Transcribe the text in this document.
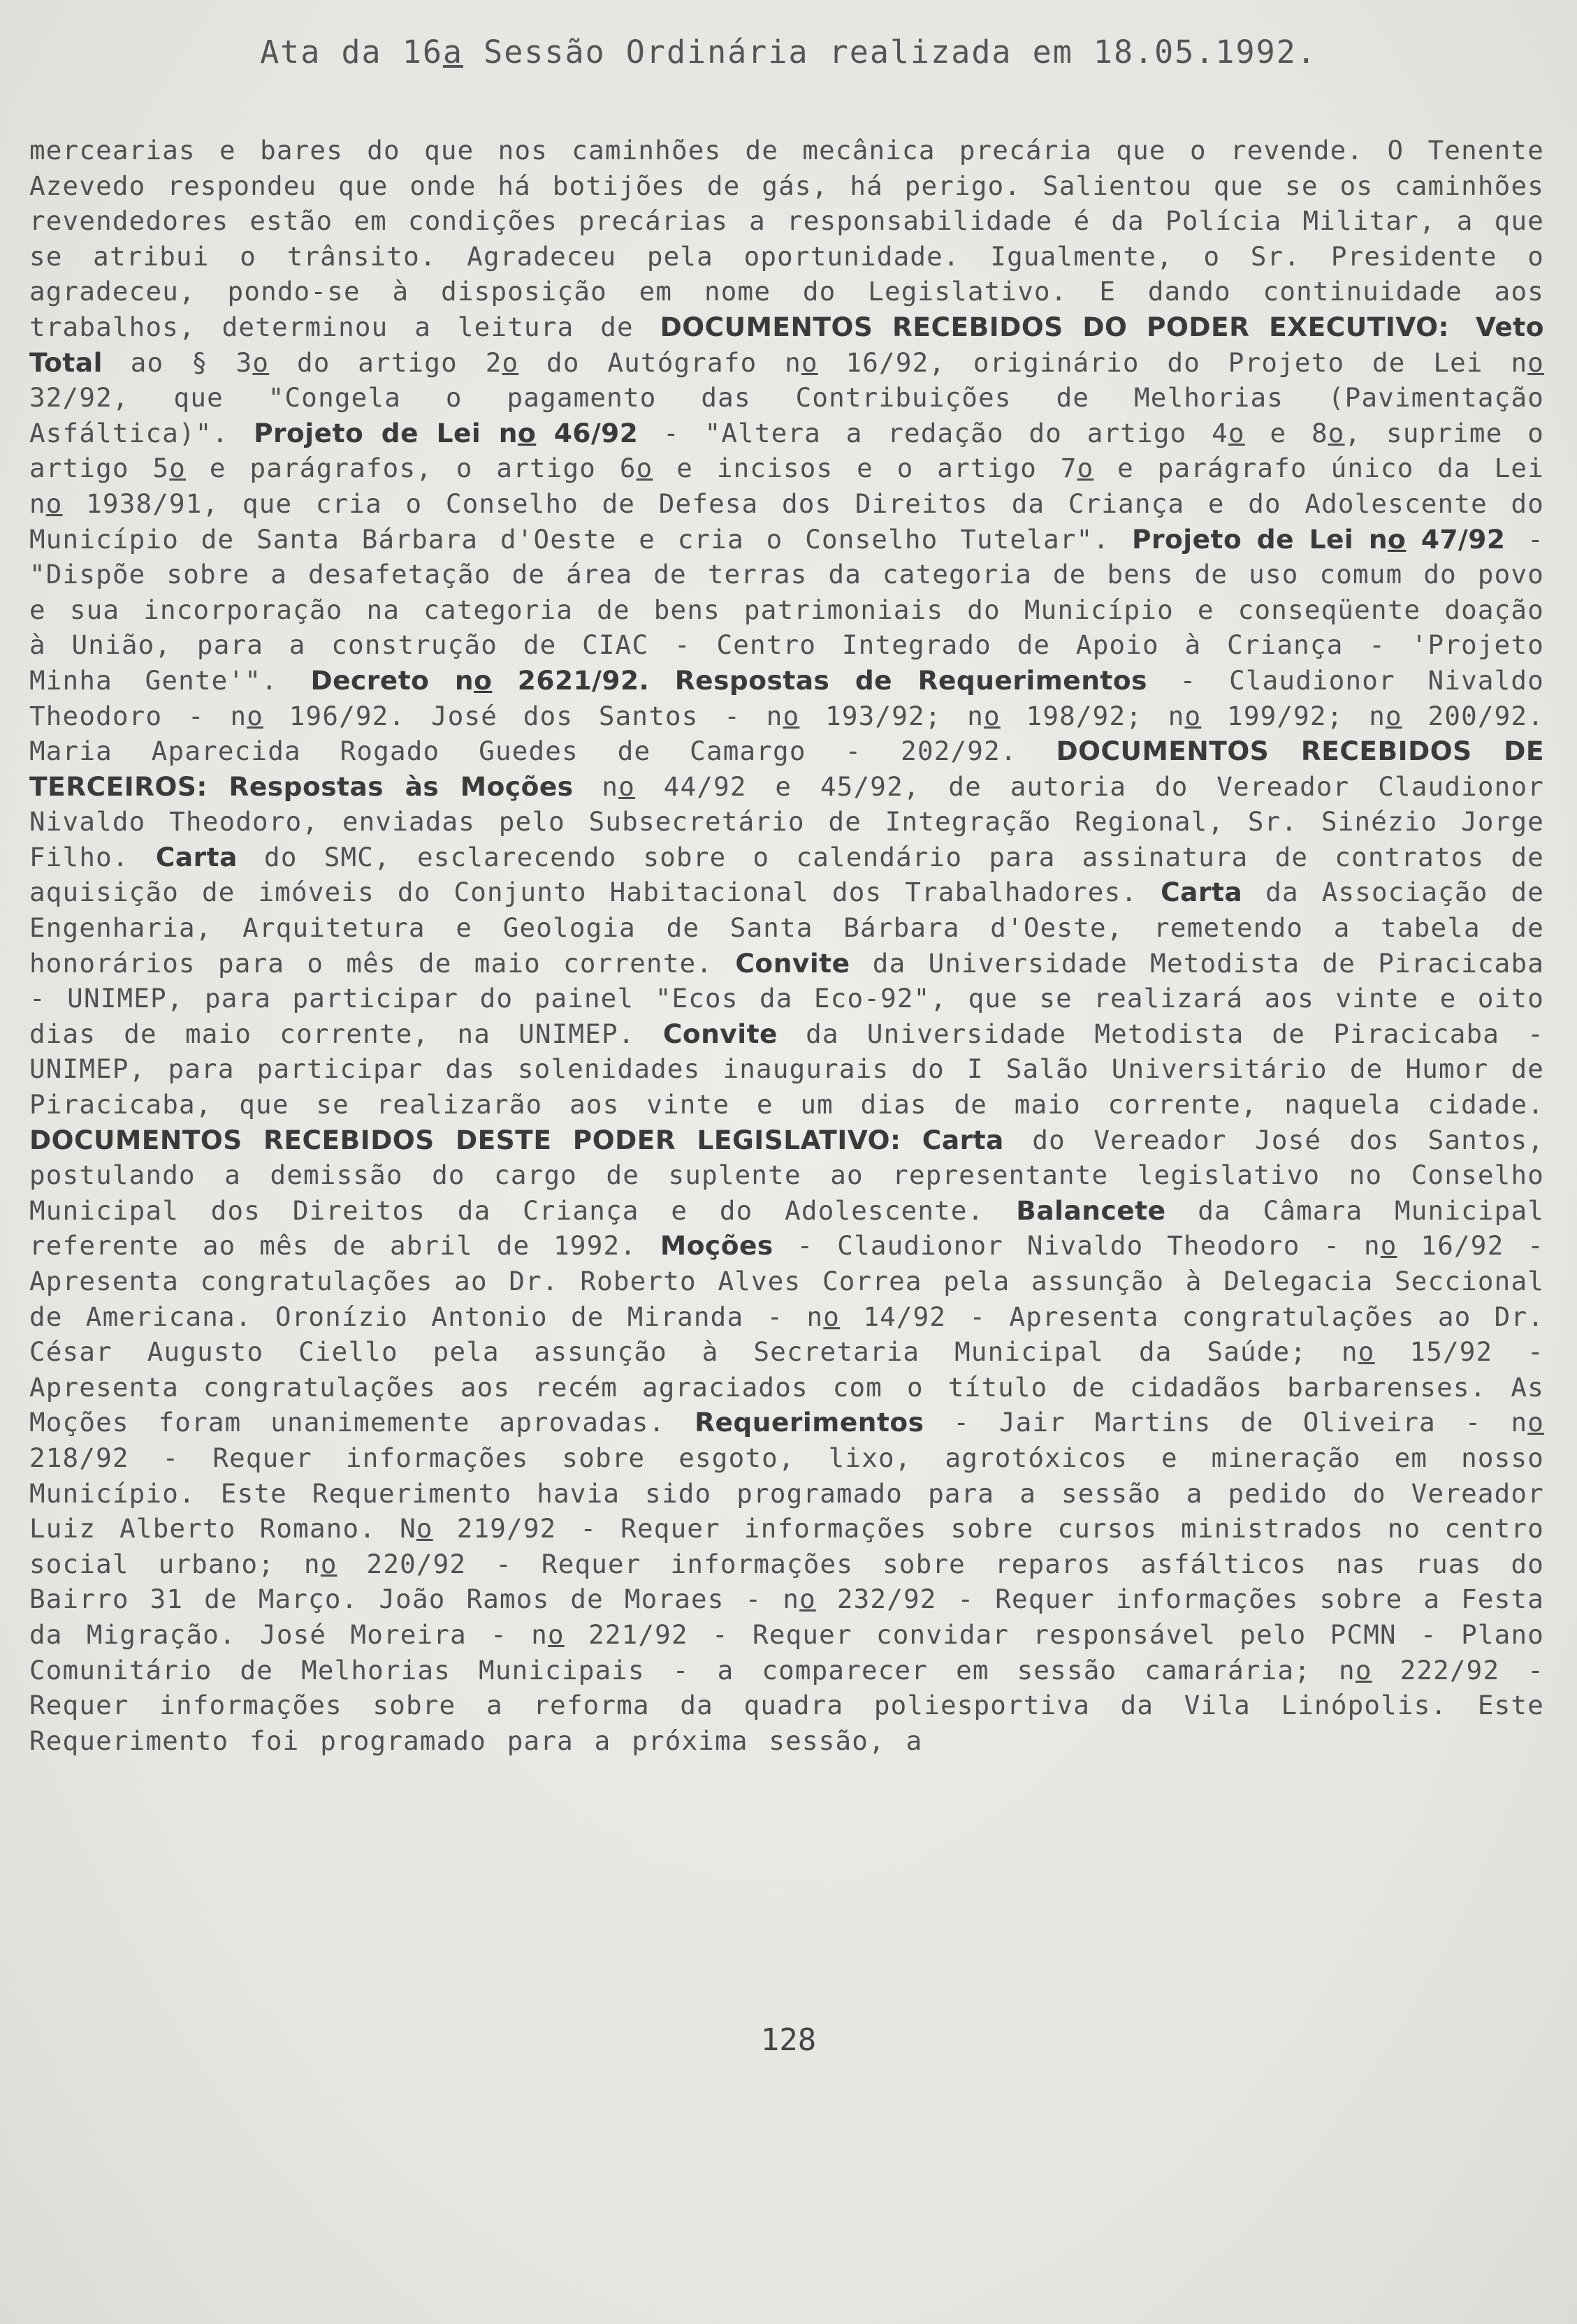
Ata da 16a Sessão Ordinária realizada em 18.05.1992.

mercearias e bares do que nos caminhões de mecânica precária que o revende. O Tenente Azevedo respondeu que onde há botijões de gás, há perigo. Salientou que se os caminhões revendedores estão em condições precárias a responsabilidade é da Polícia Militar, a que se atribui o trânsito. Agradeceu pela oportunidade. Igualmente, o Sr. Presidente o agradeceu, pondo-se à disposição em nome do Legislativo. E dando continuidade aos trabalhos, determinou a leitura de DOCUMENTOS RECEBIDOS DO PODER EXECUTIVO: Veto Total ao § 3o do artigo 2o do Autógrafo no 16/92, originário do Projeto de Lei no 32/92, que "Congela o pagamento das Contribuições de Melhorias (Pavimentação Asfáltica)". Projeto de Lei no 46/92 - "Altera a redação do artigo 4o e 8o, suprime o artigo 5o e parágrafos, o artigo 6o e incisos e o artigo 7o e parágrafo único da Lei no 1938/91, que cria o Conselho de Defesa dos Direitos da Criança e do Adolescente do Município de Santa Bárbara d'Oeste e cria o Conselho Tutelar". Projeto de Lei no 47/92 - "Dispõe sobre a desafetação de área de terras da categoria de bens de uso comum do povo e sua incorporação na categoria de bens patrimoniais do Município e conseqüente doação à União, para a construção de CIAC - Centro Integrado de Apoio à Criança - 'Projeto Minha Gente'". Decreto no 2621/92. Respostas de Requerimentos - Claudionor Nivaldo Theodoro - no 196/92. José dos Santos - no 193/92; no 198/92; no 199/92; no 200/92. Maria Aparecida Rogado Guedes de Camargo - 202/92. DOCUMENTOS RECEBIDOS DE TERCEIROS: Respostas às Moções no 44/92 e 45/92, de autoria do Vereador Claudionor Nivaldo Theodoro, enviadas pelo Subsecretário de Integração Regional, Sr. Sinézio Jorge Filho. Carta do SMC, esclarecendo sobre o calendário para assinatura de contratos de aquisição de imóveis do Conjunto Habitacional dos Trabalhadores. Carta da Associação de Engenharia, Arquitetura e Geologia de Santa Bárbara d'Oeste, remetendo a tabela de honorários para o mês de maio corrente. Convite da Universidade Metodista de Piracicaba - UNIMEP, para participar do painel "Ecos da Eco-92", que se realizará aos vinte e oito dias de maio corrente, na UNIMEP. Convite da Universidade Metodista de Piracicaba - UNIMEP, para participar das solenidades inaugurais do I Salão Universitário de Humor de Piracicaba, que se realizarão aos vinte e um dias de maio corrente, naquela cidade. DOCUMENTOS RECEBIDOS DESTE PODER LEGISLATIVO: Carta do Vereador José dos Santos, postulando a demissão do cargo de suplente ao representante legislativo no Conselho Municipal dos Direitos da Criança e do Adolescente. Balancete da Câmara Municipal referente ao mês de abril de 1992. Moções - Claudionor Nivaldo Theodoro - no 16/92 - Apresenta congratulações ao Dr. Roberto Alves Correa pela assunção à Delegacia Seccional de Americana. Oronízio Antonio de Miranda - no 14/92 - Apresenta congratulações ao Dr. César Augusto Ciello pela assunção à Secretaria Municipal da Saúde; no 15/92 - Apresenta congratulações aos recém agraciados com o título de cidadãos barbarenses. As Moções foram unanimemente aprovadas. Requerimentos - Jair Martins de Oliveira - no 218/92 - Requer informações sobre esgoto, lixo, agrotóxicos e mineração em nosso Município. Este Requerimento havia sido programado para a sessão a pedido do Vereador Luiz Alberto Romano. No 219/92 - Requer informações sobre cursos ministrados no centro social urbano; no 220/92 - Requer informações sobre reparos asfálticos nas ruas do Bairro 31 de Março. João Ramos de Moraes - no 232/92 - Requer informações sobre a Festa da Migração. José Moreira - no 221/92 - Requer convidar responsável pelo PCMN - Plano Comunitário de Melhorias Municipais - a comparecer em sessão camarária; no 222/92 - Requer informações sobre a reforma da quadra poliesportiva da Vila Linópolis. Este Requerimento foi programado para a próxima sessão, a

128
